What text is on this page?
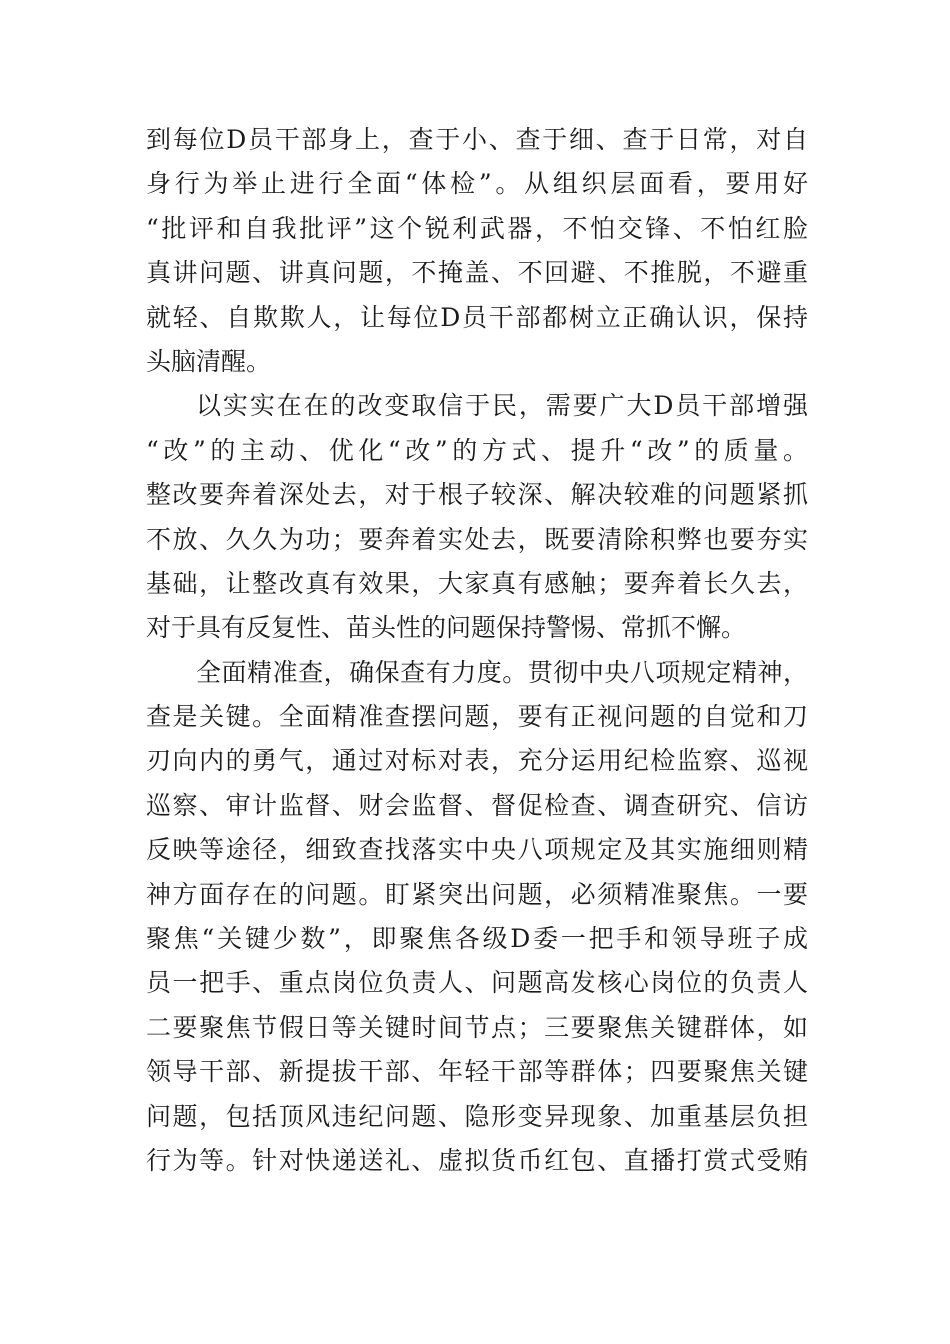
到每位D员干部身上，查于小、查于细、查于日常，对自
身行为举止进行全面“体检”。从组织层面看，要用好
“批评和自我批评”这个锐利武器，不怕交锋、不怕红脸
真讲问题、讲真问题，不掩盖、不回避、不推脱，不避重
就轻、自欺欺人，让每位D员干部都树立正确认识，保持
头脑清醒。
以实实在在的改变取信于民，需要广大D员干部增强
“改”的主动、优化“改”的方式、提升“改”的质量。
整改要奔着深处去，对于根子较深、解决较难的问题紧抓
不放、久久为功；要奔着实处去，既要清除积弊也要夯实
基础，让整改真有效果，大家真有感触；要奔着长久去，
对于具有反复性、苗头性的问题保持警惕、常抓不懈。
全面精准查，确保查有力度。贯彻中央八项规定精神，
查是关键。全面精准查摆问题，要有正视问题的自觉和刀
刃向内的勇气，通过对标对表，充分运用纪检监察、巡视
巡察、审计监督、财会监督、督促检查、调查研究、信访
反映等途径，细致查找落实中央八项规定及其实施细则精
神方面存在的问题。盯紧突出问题，必须精准聚焦。一要
聚焦“关键少数”，即聚焦各级D委一把手和领导班子成
员一把手、重点岗位负责人、问题高发核心岗位的负责人
二要聚焦节假日等关键时间节点；三要聚焦关键群体，如
领导干部、新提拔干部、年轻干部等群体；四要聚焦关键
问题，包括顶风违纪问题、隐形变异现象、加重基层负担
行为等。针对快递送礼、虚拟货币红包、直播打赏式受贿
